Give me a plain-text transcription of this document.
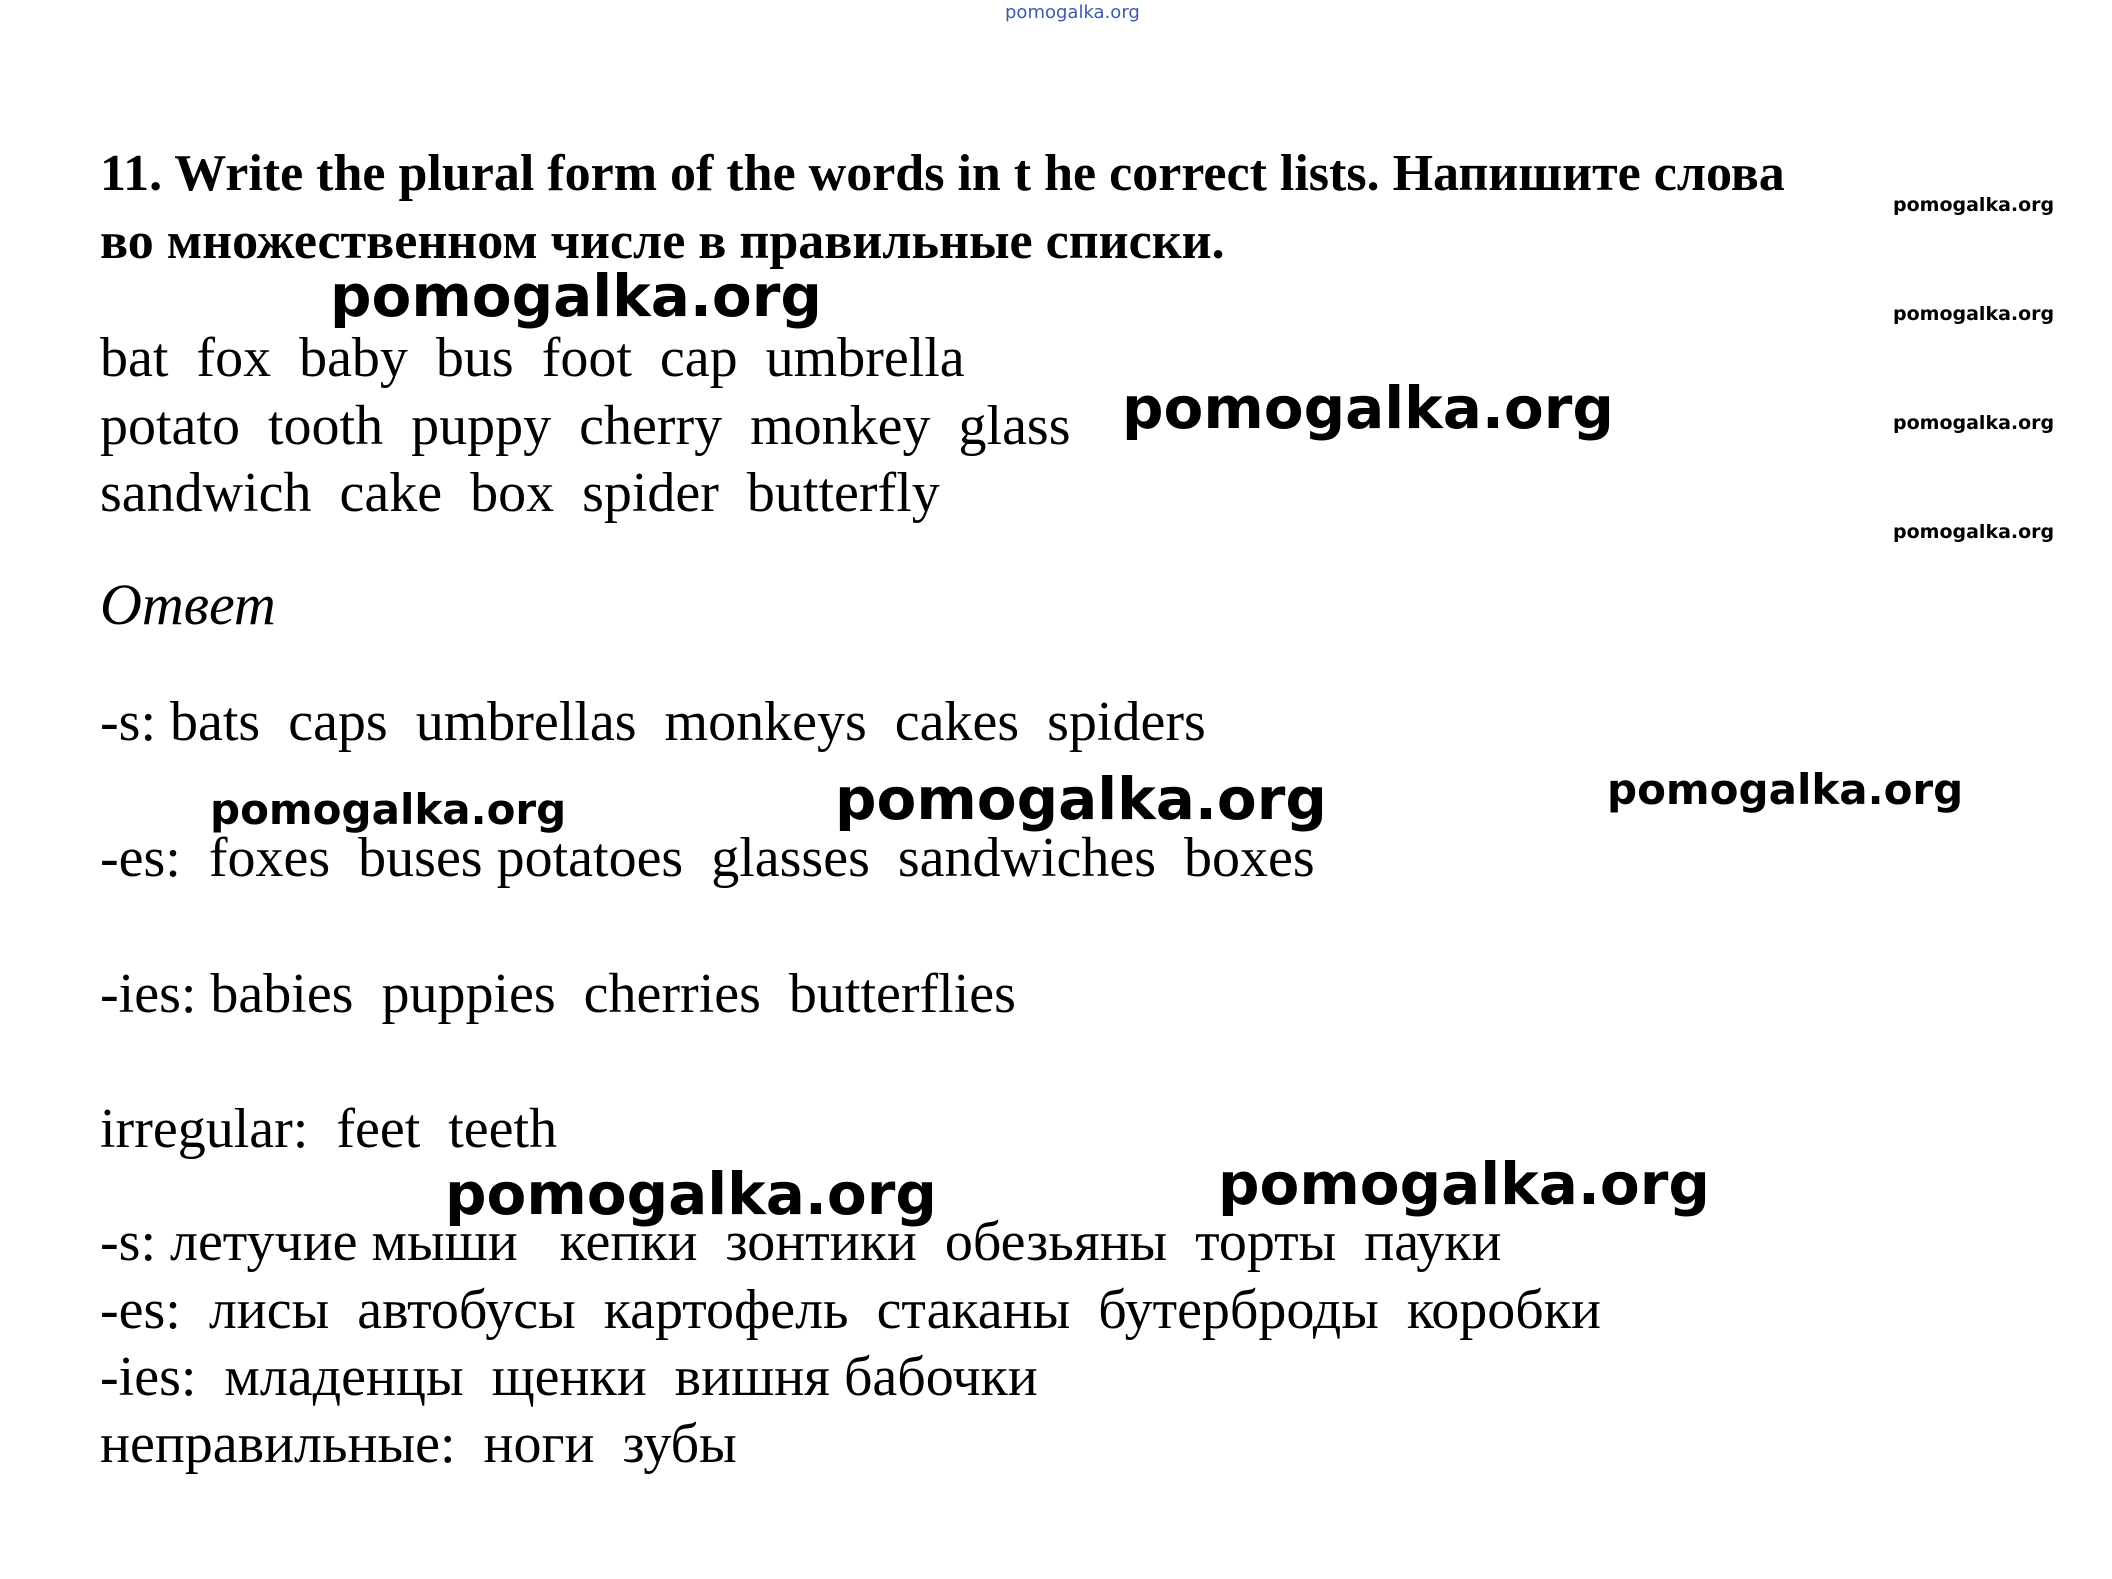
pomogalka.org
11. Write the plural form of the words in t he correct lists. Напишите слова
во множественном числе в правильные списки.
bat  fox  baby  bus  foot  cap  umbrella
potato  tooth  puppy  cherry  monkey  glass
sandwich  cake  box  spider  butterfly
Ответ
-s: bats  caps  umbrellas  monkeys  cakes  spiders
-es:  foxes  buses potatoes  glasses  sandwiches  boxes
-ies: babies  puppies  cherries  butterflies
irregular:  feet  teeth
-s: летучие мыши   кепки  зонтики  обезьяны  торты  пауки
-es:  лисы  автобусы  картофель  стаканы  бутерброды  коробки
-ies:  младенцы  щенки  вишня бабочки
неправильные:  ноги  зубы
pomogalka.org
pomogalka.org
pomogalka.org
pomogalka.org
pomogalka.org
pomogalka.org
pomogalka.org
pomogalka.org	pomogalka.org
pomogalka.org	pomogalka.org
